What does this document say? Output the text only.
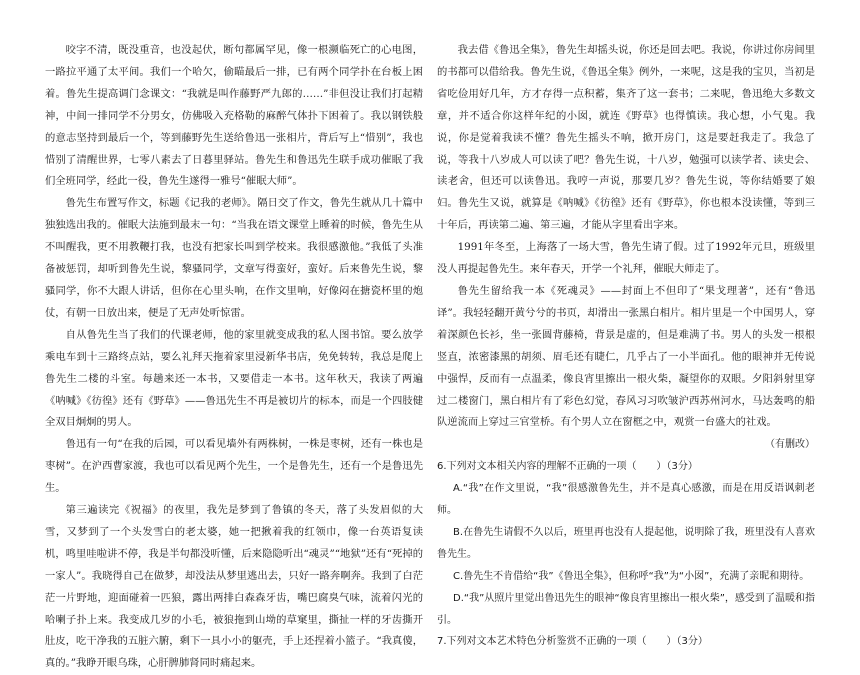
咬字不清，既没重音，也没起伏，断句都属罕见，像一根濒临死亡的心电图，一路拉平通了太平间。我们一个哈欠，偷瞄最后一排，已有两个同学扑在台板上困着。鲁先生提高调门念课文：“我就是叫作藤野严九郎的……”非但没让我们打起精神，中间一排同学不分男女，仿佛吸入充格勒的麻醉气体扑下困着了。我以钢铁般的意志坚持到最后一个，等到藤野先生送给鲁迅一张相片，背后写上“惜别”，我也惜别了清醒世界，七零八素去了日暮里驿站。鲁先生和鲁迅先生联手成功催眠了我们全班同学，经此一役，鲁先生遂得一雅号“催眠大师”。

鲁先生布置写作文，标题《记我的老师》。隔日交了作文，鲁先生就从几十篇中独独选出我的。催眠大法施到最末一句：“当我在语文课堂上睡着的时候，鲁先生从不叫醒我，更不用教鞭打我，也没有把家长叫到学校来。我很感激他。”我低了头准备被惩罚，却听到鲁先生说，黎骚同学，文章写得蛮好，蛮好。后来鲁先生说，黎骚同学，你不大跟人讲话，但你在心里头响，在作文里响，好像闷在搪瓷杯里的炮仗，有朝一日放出来，便是了无声处听惊雷。

自从鲁先生当了我们的代课老师，他的家里就变成我的私人图书馆。要么放学乘电车到十三路终点站，要么礼拜天拖着家里浸新华书店，免免转转，我总是爬上鲁先生二楼的斗室。每趟来还一本书，又要借走一本书。这年秋天，我读了两遍《呐喊》《彷徨》还有《野草》——鲁迅先生不再是被切片的标本，而是一个四肢健全双目炯炯的男人。

鲁迅有一句“在我的后园，可以看见墙外有两株树，一株是枣树，还有一株也是枣树”。在沪西曹家渡，我也可以看见两个先生，一个是鲁先生，还有一个是鲁迅先生。

第三遍读完《祝福》的夜里，我先是梦到了鲁镇的冬天，落了头发眉似的大雪，又梦到了一个头发雪白的老太婆，她一把揪着我的红领巾，像一台英语复读机，鸣里哇啦讲不停，我是半句都没听懂，后来隐隐听出“魂灵”“地狱”还有“死掉的一家人”。我晓得自己在做梦，却没法从梦里逃出去，只好一路奔啊奔。我到了白茫茫一片野地，迎面碰着一匹狼，露出两排白森森牙齿，嘴巴腐臭气味，流着闪光的哈喇子扑上来。我变成几岁的小毛，被狼拖到山坳的草窠里，撕扯一样的牙齿撕开肚皮，吃干净我的五脏六腑，剩下一具小小的躯壳，手上还捏着小篮子。“我真傻，真的。”我睁开眼乌珠，心肝脾肺肾同时痛起来。

我去借《鲁迅全集》，鲁先生却摇头说，你还是回去吧。我说，你讲过你房间里的书都可以借给我。鲁先生说，《鲁迅全集》例外，一来呢，这是我的宝贝，当初是省吃俭用好几年，方才存得一点积蓄，集齐了这一套书；二来呢，鲁迅绝大多数文章，并不适合你这样年纪的小囡，就连《野草》也得慎读。我心想，小气鬼。我说，你是觉着我读不懂？鲁先生摇头不响，掀开房门，这是要赶我走了。我急了说，等我十八岁成人可以读了吧？鲁先生说，十八岁，勉强可以读学者、读史会、读老舍，但还可以读鲁迅。我哼一声说，那要几岁？鲁先生说，等你结婚要了娘妇。鲁先生又说，就算是《呐喊》《彷徨》还有《野草》，你也根本没读懂，等到三十年后，再读第二遍、第三遍，才能从字里看出字来。

1991年冬至，上海落了一场大雪，鲁先生请了假。过了1992年元旦，班级里没人再提起鲁先生。来年春天，开学一个礼拜，催眠大师走了。

鲁先生留给我一本《死魂灵》——封面上不但印了“果戈理著”，还有“鲁迅译”。我轻轻翻开黄兮兮的书页，却滑出一张黑白相片。相片里是一个中国男人，穿着深颜色长衫，坐一张圆背藤椅，背景是虚的，但是难满了书。男人的头发一根根竖直，浓密漆黑的胡须、眉毛还有睫仁，几乎占了一小半面孔。他的眼神并无传说中强悍，反而有一点温柔，像良宵里擦出一根火柴，凝望你的双眼。夕阳斜射里穿过二楼窗门，黑白相片有了彩色幻觉，春风习习吹皱沪西苏州河水，马达轰鸣的船队逆流而上穿过三官堂桥。有个男人立在窗框之中，观赏一台盛大的社戏。

（有删改）

6.下列对文本相关内容的理解不正确的一项（　　）（3分）

A.“我”在作文里说，“我”很感激鲁先生，并不是真心感激，而是在用反语讽刺老师。

B.在鲁先生请假不久以后，班里再也没有人提起他，说明除了我，班里没有人喜欢鲁先生。

C.鲁先生不肯借给“我”《鲁迅全集》，但称呼“我”为“小囡”，充满了亲昵和期待。

D.“我”从照片里觉出鲁迅先生的眼神“像良宵里擦出一根火柴”，感受到了温暖和指引。

7.下列对文本艺术特色分析鉴赏不正确的一项（　　）（3分）
